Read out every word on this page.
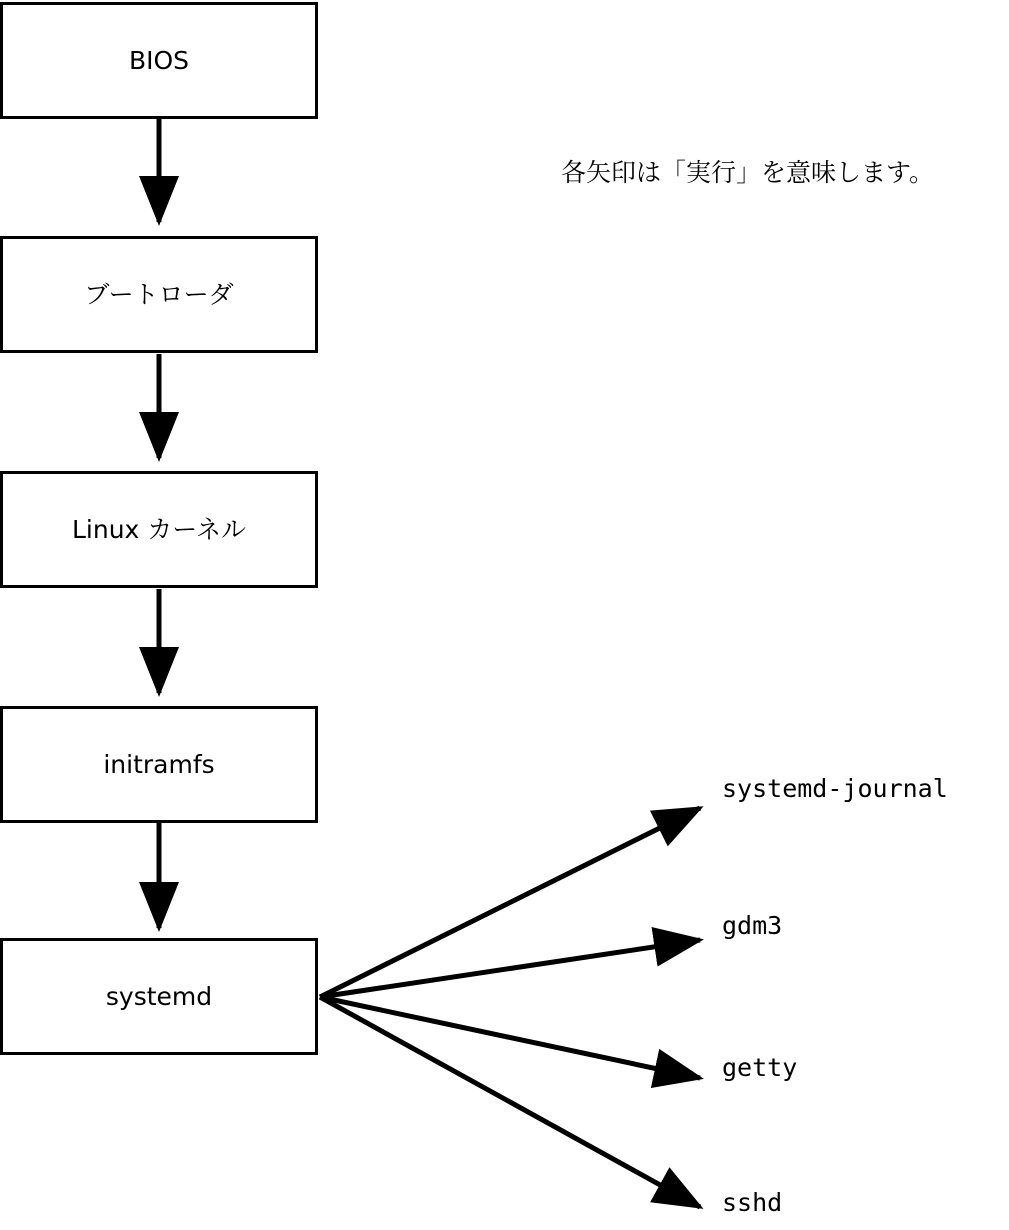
BIOS
ブートローダ
Linux カーネル
initramfs
systemd
systemd-journal
gdm3
getty
sshd
各矢印は「実行」を意味します。
